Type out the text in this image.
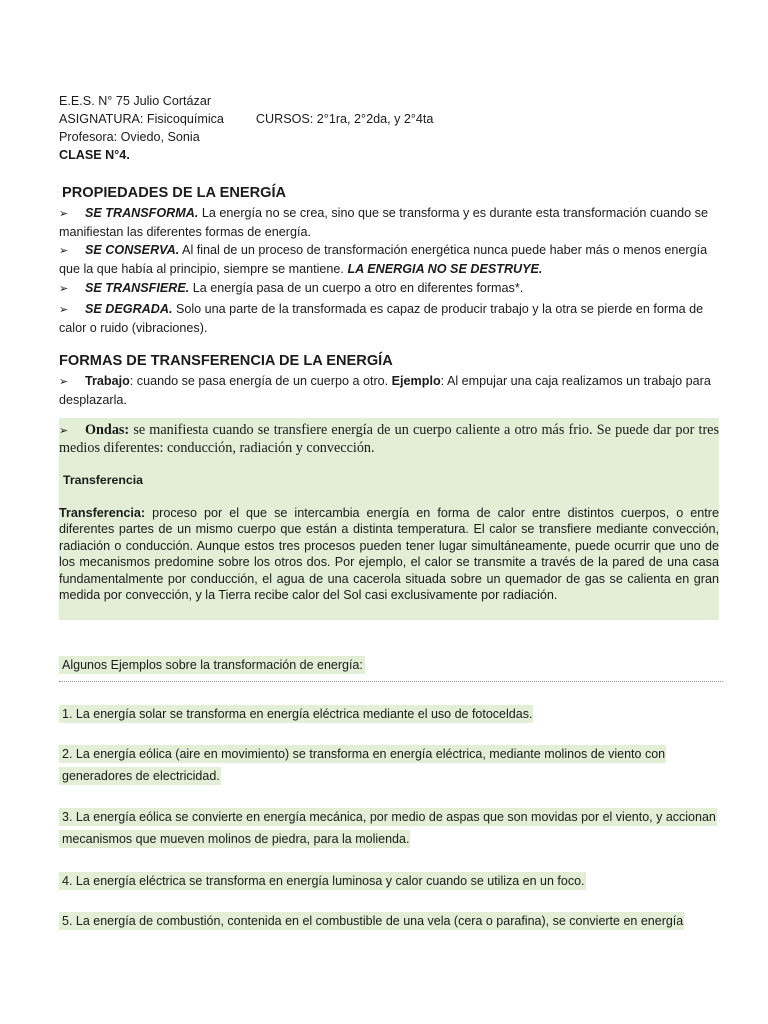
E.E.S. N° 75 Julio Cortázar
ASIGNATURA: Fisicoquímica	CURSOS: 2°1ra, 2°2da, y 2°4ta
Profesora: Oviedo, Sonia
CLASE N°4.
PROPIEDADES DE LA ENERGÍA
➢ SE TRANSFORMA. La energía no se crea, sino que se transforma y es durante esta transformación cuando se manifiestan las diferentes formas de energía.
➢ SE CONSERVA. Al final de un proceso de transformación energética nunca puede haber más o menos energía que la que había al principio, siempre se mantiene. LA ENERGIA NO SE DESTRUYE.
➢ SE TRANSFIERE. La energía pasa de un cuerpo a otro en diferentes formas*.
➢ SE DEGRADA. Solo una parte de la transformada es capaz de producir trabajo y la otra se pierde en forma de calor o ruido (vibraciones).
FORMAS DE TRANSFERENCIA DE LA ENERGÍA
➢ Trabajo: cuando se pasa energía de un cuerpo a otro. Ejemplo: Al empujar una caja realizamos un trabajo para desplazarla.
➢ Ondas: se manifiesta cuando se transfiere energía de un cuerpo caliente a otro más frio. Se puede dar por tres medios diferentes: conducción, radiación y convección.
Transferencia
Transferencia: proceso por el que se intercambia energía en forma de calor entre distintos cuerpos, o entre diferentes partes de un mismo cuerpo que están a distinta temperatura. El calor se transfiere mediante convección, radiación o conducción. Aunque estos tres procesos pueden tener lugar simultáneamente, puede ocurrir que uno de los mecanismos predomine sobre los otros dos. Por ejemplo, el calor se transmite a través de la pared de una casa fundamentalmente por conducción, el agua de una cacerola situada sobre un quemador de gas se calienta en gran medida por convección, y la Tierra recibe calor del Sol casi exclusivamente por radiación.
Algunos Ejemplos sobre la transformación de energía:
1. La energía solar se transforma en energía eléctrica mediante el uso de fotoceldas.
2. La energía eólica (aire en movimiento) se transforma en energía eléctrica, mediante molinos de viento con generadores de electricidad.
3. La energía eólica se convierte en energía mecánica, por medio de aspas que son movidas por el viento, y accionan mecanismos que mueven molinos de piedra, para la molienda.
4. La energía eléctrica se transforma en energía luminosa y calor cuando se utiliza en un foco.
5. La energía de combustión, contenida en el combustible de una vela (cera o parafina), se convierte en energía
